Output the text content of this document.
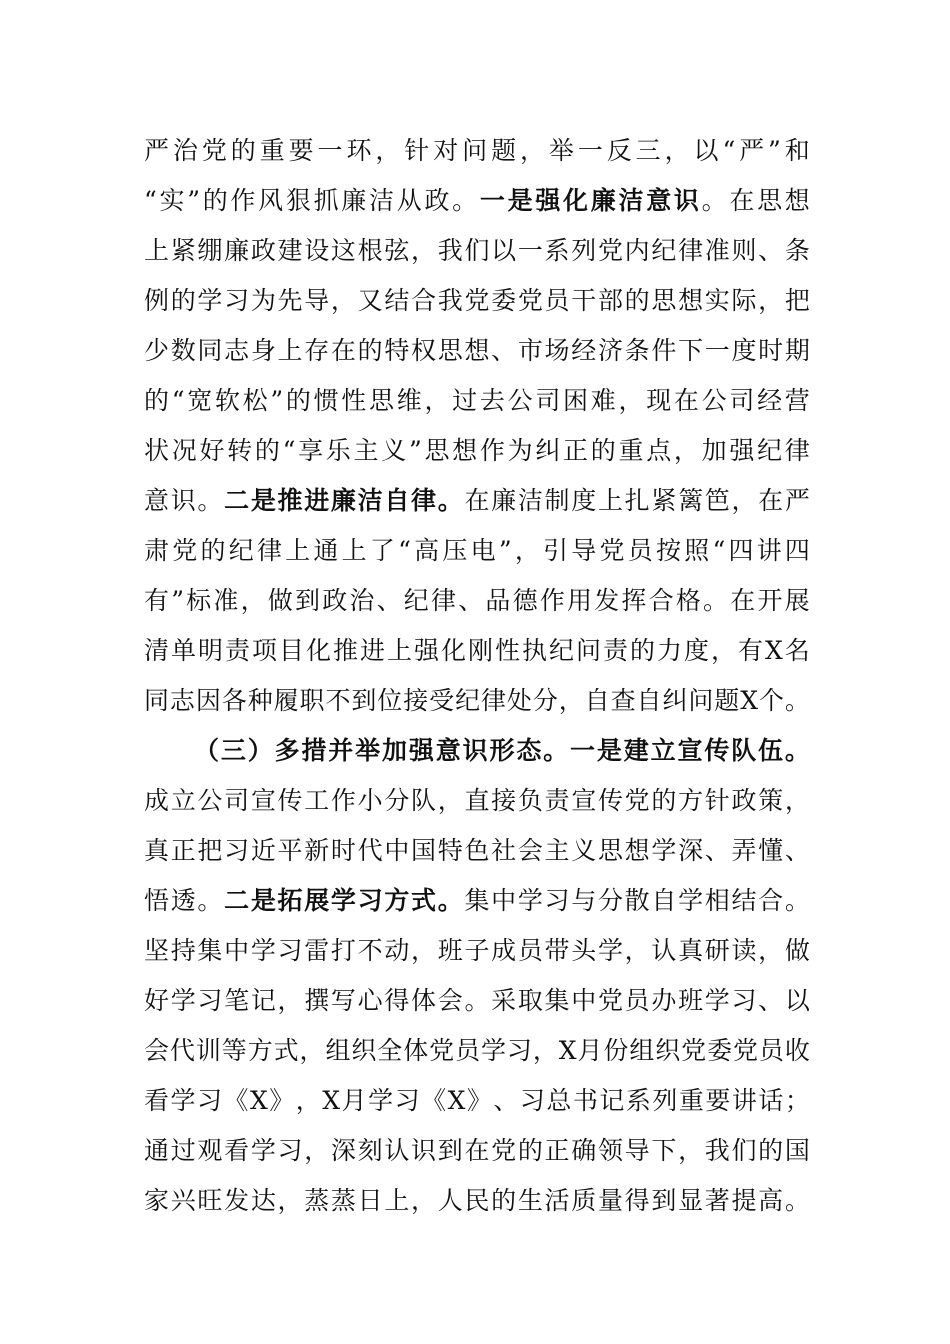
严 治 党 的 重 要 一 环 ， 针 对 问 题 ， 举 一 反 三 ， 以 “ 严 ” 和
“ 实 ” 的 作 风 狠 抓 廉 洁 从 政 。 一 是 强 化 廉 洁 意 识 。 在 思 想
上 紧 绷 廉 政 建 设 这 根 弦 ， 我 们 以 一 系 列 党 内 纪 律 准 则 、 条
例 的 学 习 为 先 导 ， 又 结 合 我 党 委 党 员 干 部 的 思 想 实 际 ， 把
少 数 同 志 身 上 存 在 的 特 权 思 想 、 市 场 经 济 条 件 下 一 度 时 期
的 “ 宽 软 松 ” 的 惯 性 思 维 ， 过 去 公 司 困 难 ， 现 在 公 司 经 营
状 况 好 转 的 “ 享 乐 主 义 ” 思 想 作 为 纠 正 的 重 点 ， 加 强 纪 律
意 识 。 二 是 推 进 廉 洁 自 律 。 在 廉 洁 制 度 上 扎 紧 篱 笆 ， 在 严
肃 党 的 纪 律 上 通 上 了 “ 高 压 电 ” ， 引 导 党 员 按 照 “ 四 讲 四
有 ” 标 准 ， 做 到 政 治 、 纪 律 、 品 德 作 用 发 挥 合 格 。 在 开 展
清 单 明 责 项 目 化 推 进 上 强 化 刚 性 执 纪 问 责 的 力 度 ， 有 X 名
同 志 因 各 种 履 职 不 到 位 接 受 纪 律 处 分 ， 自 查 自 纠 问 题 X 个 。
（ 三 ） 多 措 并 举 加 强 意 识 形 态 。 一 是 建 立 宣 传 队 伍 。
成 立 公 司 宣 传 工 作 小 分 队 ， 直 接 负 责 宣 传 党 的 方 针 政 策 ，
真 正 把 习 近 平 新 时 代 中 国 特 色 社 会 主 义 思 想 学 深 、 弄 懂 、
悟 透 。 二 是 拓 展 学 习 方 式 。 集 中 学 习 与 分 散 自 学 相 结 合 。
坚 持 集 中 学 习 雷 打 不 动 ， 班 子 成 员 带 头 学 ， 认 真 研 读 ， 做
好 学 习 笔 记 ， 撰 写 心 得 体 会 。 采 取 集 中 党 员 办 班 学 习 、 以
会 代 训 等 方 式 ， 组 织 全 体 党 员 学 习 ， X 月 份 组 织 党 委 党 员 收
看 学 习 《 X 》 ， X 月 学 习 《 X 》 、 习 总 书 记 系 列 重 要 讲 话 ；
通 过 观 看 学 习 ， 深 刻 认 识 到 在 党 的 正 确 领 导 下 ， 我 们 的 国
家 兴 旺 发 达 ， 蒸 蒸 日 上 ， 人 民 的 生 活 质 量 得 到 显 著 提 高 。
